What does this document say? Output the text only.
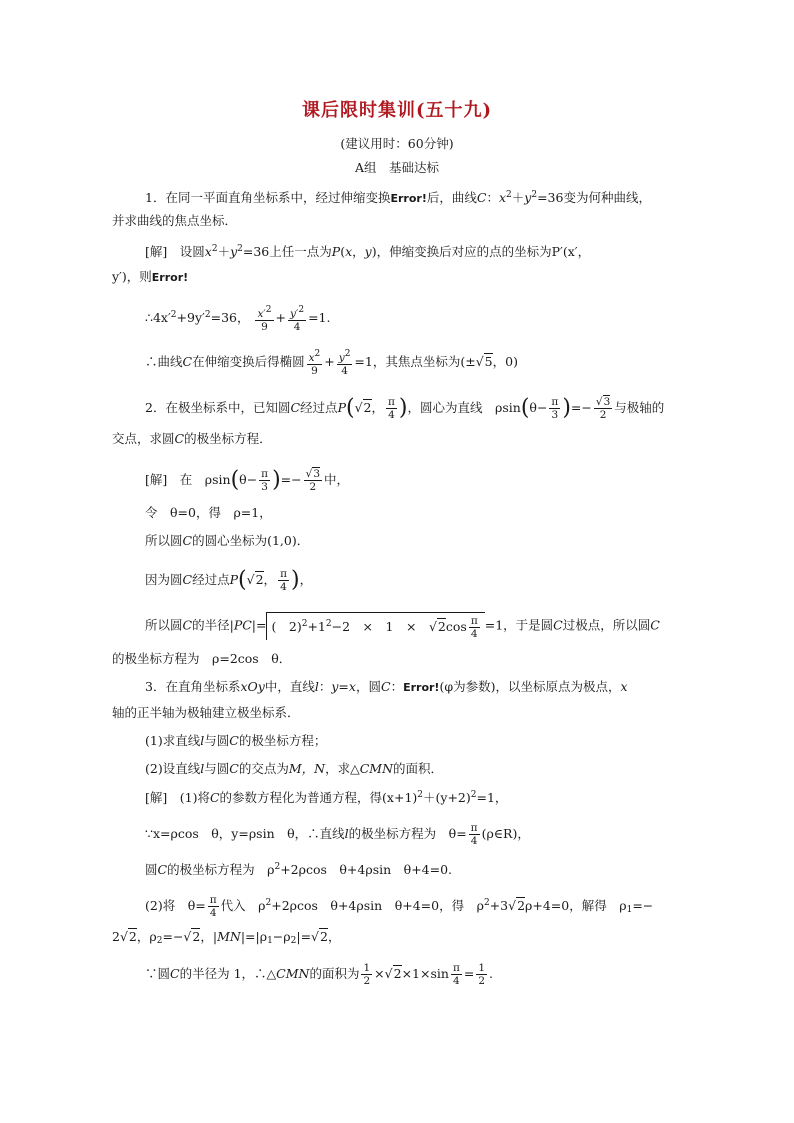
课后限时集训(五十九)
(建议用时：60分钟)
A组　基础达标
1．在同一平面直角坐标系中，经过伸缩变换Error!后，曲线C：$x^2+y^2=36$变为何种曲线，
并求曲线的焦点坐标．
[解]　设圆$x^2+y^2=36$上任一点为P(x，y)，伸缩变换后对应的点的坐标为P′(x′，
y′)，则Error!
$\therefore 4x'^2+9y'^2=36$， $\frac{x'2}{9} + \frac{y'2}{4} =1$.
∴曲线C在伸缩变换后得椭圆 $\frac{x2}{9} + \frac{y2}{4} =1$，其焦点坐标为(±√5，0)
2．在极坐标系中，已知圆C经过点P(√2， $\frac{\pi}{4}$ )，圆心为直线　$\rho\sin(\theta- \frac{\pi}{3}$ )=− $\frac{√3}{2}$ 与极轴的
交点，求圆C的极坐标方程．
[解]　在　$\rho\sin(\theta- \frac{\pi}{3}$ )=− $\frac{√3}{2}$ 中，
令　θ=0，得　ρ=1，
所以圆C的圆心坐标为(1,0)．
因为圆C经过点P(√2， $\frac{\pi}{4}$ )，
所以圆C的半径|PC|= (　$2)^2+1^2-2$　×　1　×　$√2\cos \frac{\pi}{4} =1$，于是圆C过极点，所以圆C
的极坐标方程为　ρ=2cos　θ．
3．在直角坐标系xOy中，直线l：y=x，圆C：Error!(φ为参数)，以坐标原点为极点，x
轴的正半轴为极轴建立极坐标系．
(1)求直线l与圆C的极坐标方程；
(2)设直线l与圆C的交点为M，N，求△CMN的面积．
[解]　(1)将C的参数方程化为普通方程，得$(x+1)^2+(y+2)^2=1$，
∵x=ρcos　θ，y=ρsin　θ，∴直线l的极坐标方程为　$\theta= \frac{\pi}{4}$ (ρ∈R)，
圆C的极坐标方程为　$\rho^2+2\rho\cos$　θ+4ρsin　θ+4=0.
(2)将　$\theta= \frac{\pi}{4}$ 代入　$\rho^2+2\rho\cos$　θ+4ρsin　θ+4=0，得　$\rho^2+3√2\rho+4=0$，解得　$\rho_1=-$
2√2，$\rho_2=-√2$，$|MN|=|\rho_1-\rho_2|=√2$，
∵圆C的半径为 1，∴△CMN的面积为 $\frac{1}{2} \times√2\times 1\times\sin \frac{\pi}{4} = \frac{1}{2}$ .
